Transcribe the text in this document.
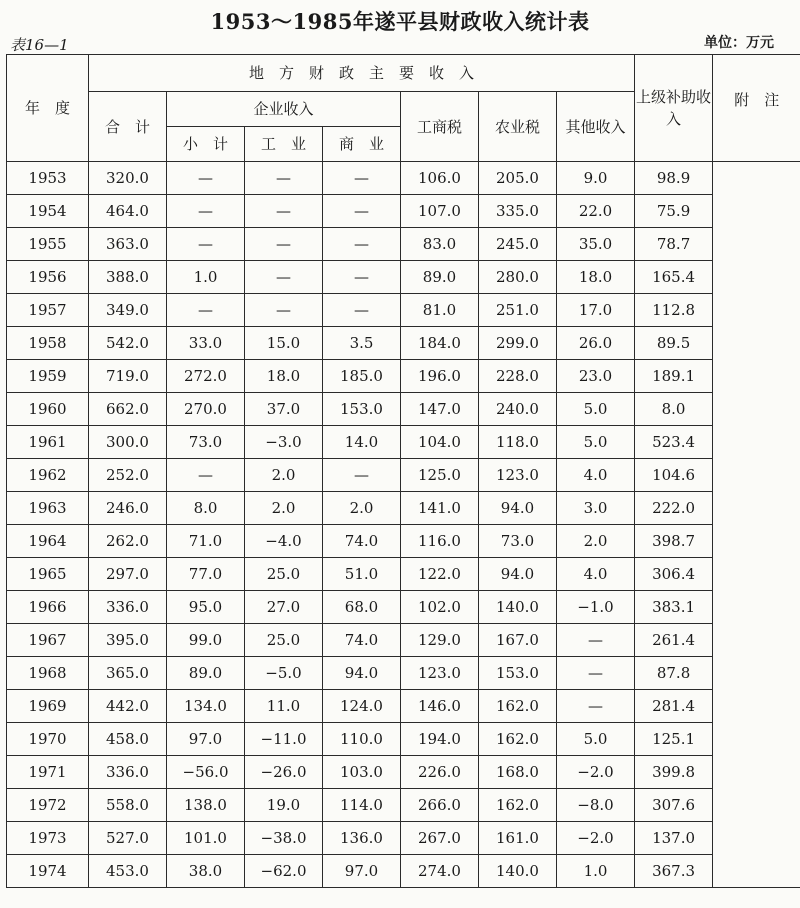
1953～1985年遂平县财政收入统计表
表16—1	单位：万元
年　度	地　方　财　政　主　要　收　入							上级补助收入	附　注
	合　计	企业收入			工商税	农业税	其他收入		
		小　计	工　业	商　业					
1953	320.0	—	—	—	106.0	205.0	9.0	98.9	
1954	464.0	—	—	—	107.0	335.0	22.0	75.9	
1955	363.0	—	—	—	83.0	245.0	35.0	78.7	
1956	388.0	1.0	—	—	89.0	280.0	18.0	165.4	
1957	349.0	—	—	—	81.0	251.0	17.0	112.8	
1958	542.0	33.0	15.0	3.5	184.0	299.0	26.0	89.5	
1959	719.0	272.0	18.0	185.0	196.0	228.0	23.0	189.1	
1960	662.0	270.0	37.0	153.0	147.0	240.0	5.0	8.0	
1961	300.0	73.0	−3.0	14.0	104.0	118.0	5.0	523.4	
1962	252.0	—	2.0	—	125.0	123.0	4.0	104.6	
1963	246.0	8.0	2.0	2.0	141.0	94.0	3.0	222.0	
1964	262.0	71.0	−4.0	74.0	116.0	73.0	2.0	398.7	
1965	297.0	77.0	25.0	51.0	122.0	94.0	4.0	306.4	
1966	336.0	95.0	27.0	68.0	102.0	140.0	−1.0	383.1	
1967	395.0	99.0	25.0	74.0	129.0	167.0	—	261.4	
1968	365.0	89.0	−5.0	94.0	123.0	153.0	—	87.8	
1969	442.0	134.0	11.0	124.0	146.0	162.0	—	281.4	
1970	458.0	97.0	−11.0	110.0	194.0	162.0	5.0	125.1	
1971	336.0	−56.0	−26.0	103.0	226.0	168.0	−2.0	399.8	
1972	558.0	138.0	19.0	114.0	266.0	162.0	−8.0	307.6	
1973	527.0	101.0	−38.0	136.0	267.0	161.0	−2.0	137.0	
1974	453.0	38.0	−62.0	97.0	274.0	140.0	1.0	367.3	
